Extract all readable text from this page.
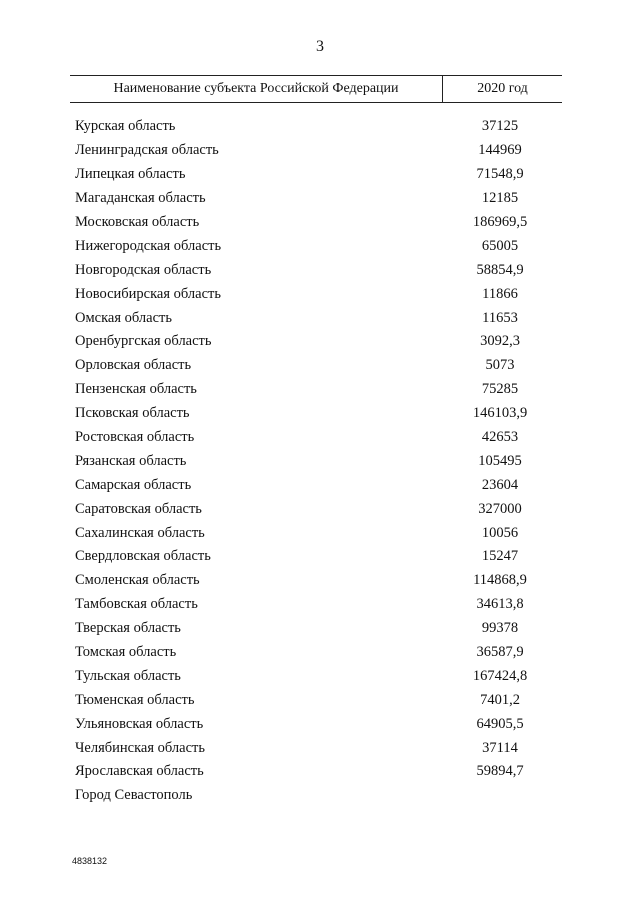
3
Наименование субъекта Российской Федерации	2020 год
Курская область	37125
Ленинградская область	144969
Липецкая область	71548,9
Магаданская область	12185
Московская область	186969,5
Нижегородская область	65005
Новгородская область	58854,9
Новосибирская область	11866
Омская область	11653
Оренбургская область	3092,3
Орловская область	5073
Пензенская область	75285
Псковская область	146103,9
Ростовская область	42653
Рязанская область	105495
Самарская область	23604
Саратовская область	327000
Сахалинская область	10056
Свердловская область	15247
Смоленская область	114868,9
Тамбовская область	34613,8
Тверская область	99378
Томская область	36587,9
Тульская область	167424,8
Тюменская область	7401,2
Ульяновская область	64905,5
Челябинская область	37114
Ярославская область	59894,7
Город Севастополь
4838132
